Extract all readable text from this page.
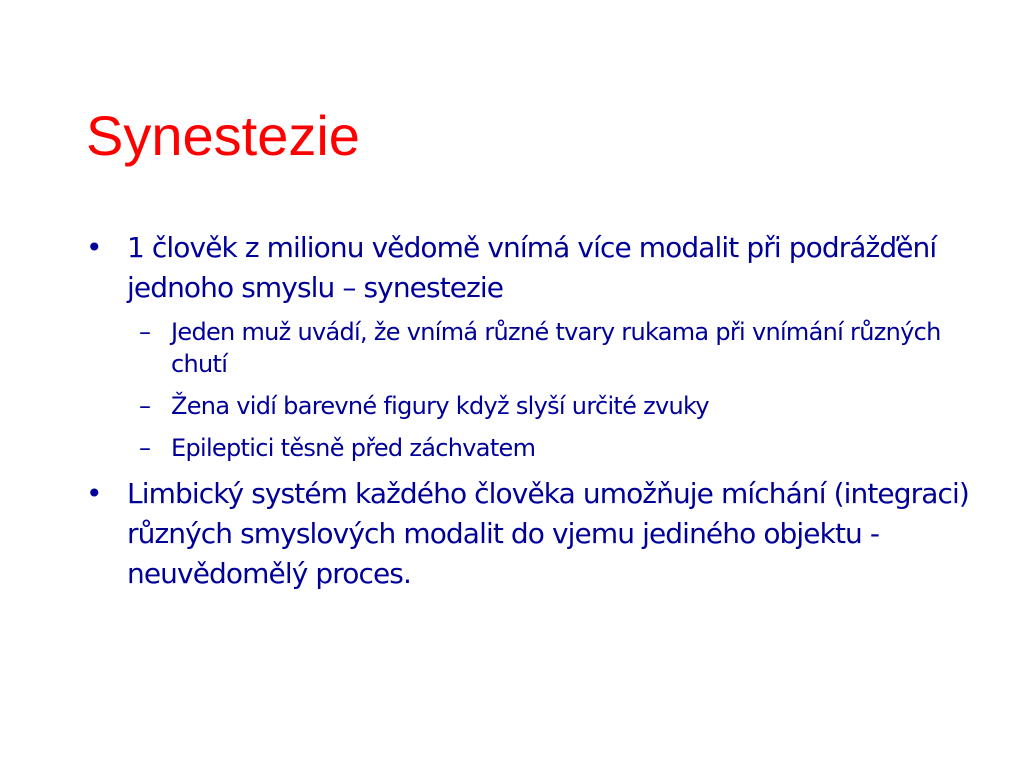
Synestezie
• 1 člověk z milionu vědomě vnímá více modalit při podrážďění jednoho smyslu – synestezie
– Jeden muž uvádí, že vnímá různé tvary rukama při vnímání různých chutí
– Žena vidí barevné figury když slyší určité zvuky
– Epileptici těsně před záchvatem
• Limbický systém každého člověka umožňuje míchání (integraci) různých smyslových modalit do vjemu jediného objektu - neuvědomělý proces.
